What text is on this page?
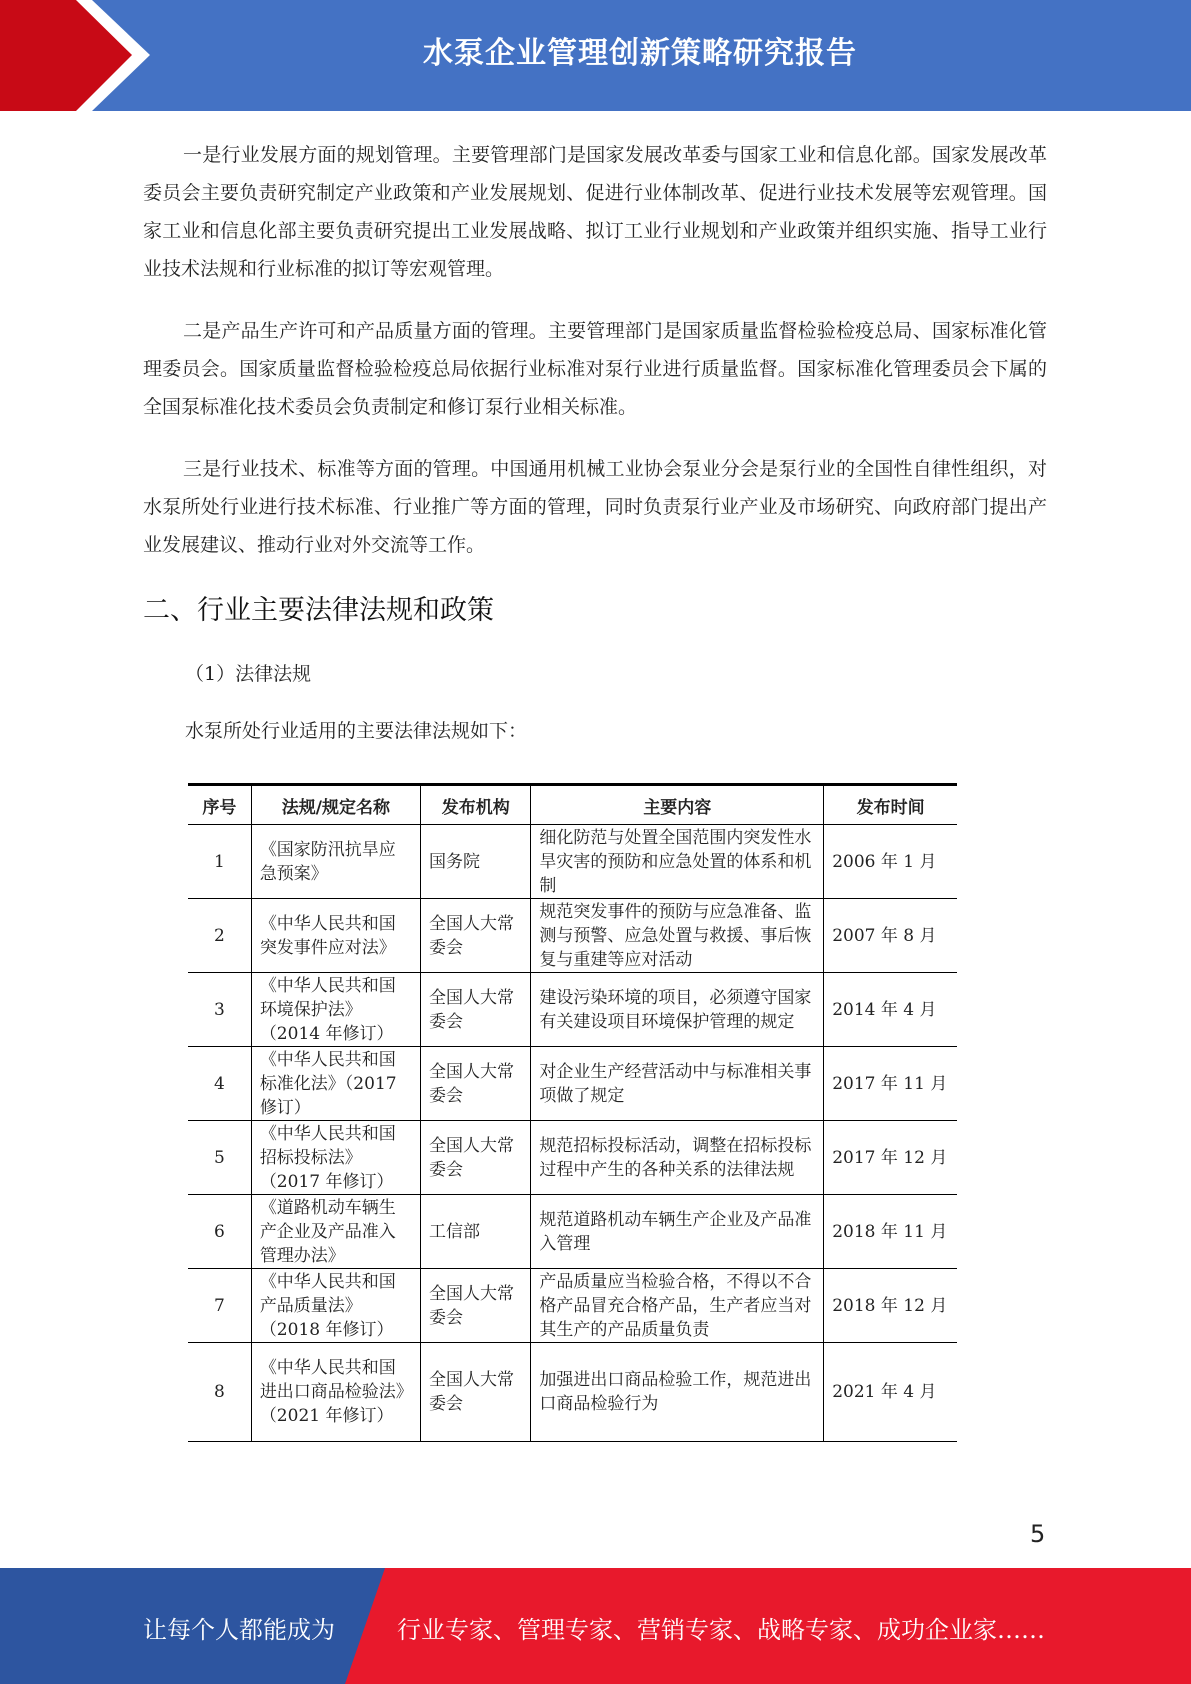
水泵企业管理创新策略研究报告

一是行业发展方面的规划管理。主要管理部门是国家发展改革委与国家工业和信息化部。国家发展改革委员会主要负责研究制定产业政策和产业发展规划、促进行业体制改革、促进行业技术发展等宏观管理。国家工业和信息化部主要负责研究提出工业发展战略、拟订工业行业规划和产业政策并组织实施、指导工业行业技术法规和行业标准的拟订等宏观管理。

二是产品生产许可和产品质量方面的管理。主要管理部门是国家质量监督检验检疫总局、国家标准化管理委员会。国家质量监督检验检疫总局依据行业标准对泵行业进行质量监督。国家标准化管理委员会下属的全国泵标准化技术委员会负责制定和修订泵行业相关标准。

三是行业技术、标准等方面的管理。中国通用机械工业协会泵业分会是泵行业的全国性自律性组织，对水泵所处行业进行技术标准、行业推广等方面的管理，同时负责泵行业产业及市场研究、向政府部门提出产业发展建议、推动行业对外交流等工作。

二、行业主要法律法规和政策
（1）法律法规
水泵所处行业适用的主要法律法规如下：
序号	法规/规定名称	发布机构	主要内容	发布时间
1	《国家防汛抗旱应急预案》	国务院	细化防范与处置全国范围内突发性水旱灾害的预防和应急处置的体系和机制	2006 年 1 月
2	《中华人民共和国突发事件应对法》	全国人大常委会	规范突发事件的预防与应急准备、监测与预警、应急处置与救援、事后恢复与重建等应对活动	2007 年 8 月
3	《中华人民共和国环境保护法》（2014 年修订）	全国人大常委会	建设污染环境的项目，必须遵守国家有关建设项目环境保护管理的规定	2014 年 4 月
4	《中华人民共和国标准化法》（2017 修订）	全国人大常委会	对企业生产经营活动中与标准相关事项做了规定	2017 年 11 月
5	《中华人民共和国招标投标法》（2017 年修订）	全国人大常委会	规范招标投标活动，调整在招标投标过程中产生的各种关系的法律法规	2017 年 12 月
6	《道路机动车辆生产企业及产品准入管理办法》	工信部	规范道路机动车辆生产企业及产品准入管理	2018 年 11 月
7	《中华人民共和国产品质量法》（2018 年修订）	全国人大常委会	产品质量应当检验合格，不得以不合格产品冒充合格产品，生产者应当对其生产的产品质量负责	2018 年 12 月
8	《中华人民共和国进出口商品检验法》（2021 年修订）	全国人大常委会	加强进出口商品检验工作，规范进出口商品检验行为	2021 年 4 月
5
让每个人都能成为	行业专家、管理专家、营销专家、战略专家、成功企业家……
